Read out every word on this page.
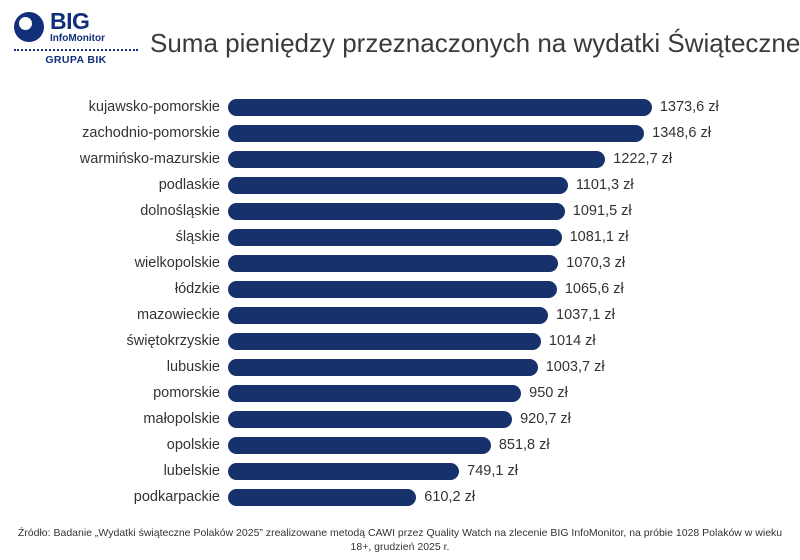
BIG
InfoMonitor
GRUPA BIK
Suma pieniędzy przeznaczonych na wydatki Świąteczne
kujawsko-pomorskie	1373,6 zł
zachodnio-pomorskie	1348,6 zł
warmińsko-mazurskie	1222,7 zł
podlaskie	1101,3 zł
dolnośląskie	1091,5 zł
śląskie	1081,1 zł
wielkopolskie	1070,3 zł
łódzkie	1065,6 zł
mazowieckie	1037,1 zł
świętokrzyskie	1014 zł
lubuskie	1003,7 zł
pomorskie	950 zł
małopolskie	920,7 zł
opolskie	851,8 zł
lubelskie	749,1 zł
podkarpackie	610,2 zł
Źródło: Badanie „Wydatki świąteczne Polaków 2025” zrealizowane metodą CAWI przez Quality Watch na zlecenie BIG InfoMonitor, na próbie 1028 Polaków w wieku 18+, grudzień 2025 r.
